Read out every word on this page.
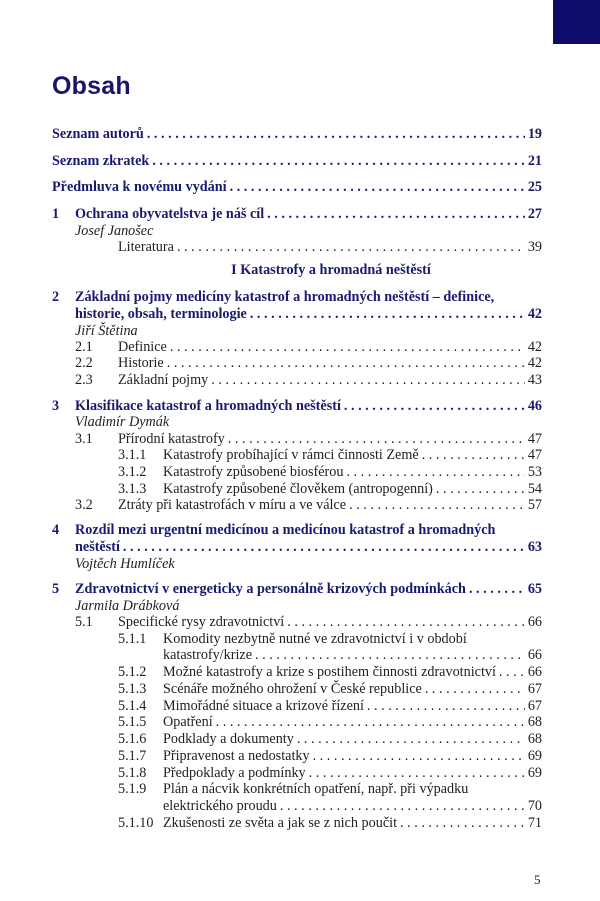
Obsah
Seznam autorů . . .	19
Seznam zkratek . . .	21
Předmluva k novému vydání . . .	25
1 Ochrana obyvatelstva je náš cíl . . .	27
Josef Janošec
Literatura . . .	39
I Katastrofy a hromadná neštěstí
2 Základní pojmy medicíny katastrof a hromadných neštěstí – definice,
historie, obsah, terminologie . . .	42
Jiří Štětina
2.1 Definice . . .	42
2.2 Historie . . .	42
2.3 Základní pojmy . . .	43
3 Klasifikace katastrof a hromadných neštěstí . . .	46
Vladimír Dymák
3.1 Přírodní katastrofy . . .	47
3.1.1 Katastrofy probíhající v rámci činnosti Země . . .	47
3.1.2 Katastrofy způsobené biosférou . . .	53
3.1.3 Katastrofy způsobené člověkem (antropogenní) . . .	54
3.2 Ztráty při katastrofách v míru a ve válce . . .	57
4 Rozdíl mezi urgentní medicínou a medicínou katastrof a hromadných
neštěstí . . .	63
Vojtěch Humlíček
5 Zdravotnictví v energeticky a personálně krizových podmínkách . . .	65
Jarmila Drábková
5.1 Specifické rysy zdravotnictví . . .	66
5.1.1 Komodity nezbytně nutné ve zdravotnictví i v období
katastrofy/krize . . .	66
5.1.2 Možné katastrofy a krize s postihem činnosti zdravotnictví . . . 66
5.1.3 Scénáře možného ohrožení v České republice . . .	67
5.1.4 Mimořádné situace a krizové řízení . . .	67
5.1.5 Opatření . . .	68
5.1.6 Podklady a dokumenty . . .	68
5.1.7 Připravenost a nedostatky . . .	69
5.1.8 Předpoklady a podmínky . . .	69
5.1.9 Plán a nácvik konkrétních opatření, např. při výpadku
elektrického proudu . . .	70
5.1.10 Zkušenosti ze světa a jak se z nich poučit . . .	71
5
